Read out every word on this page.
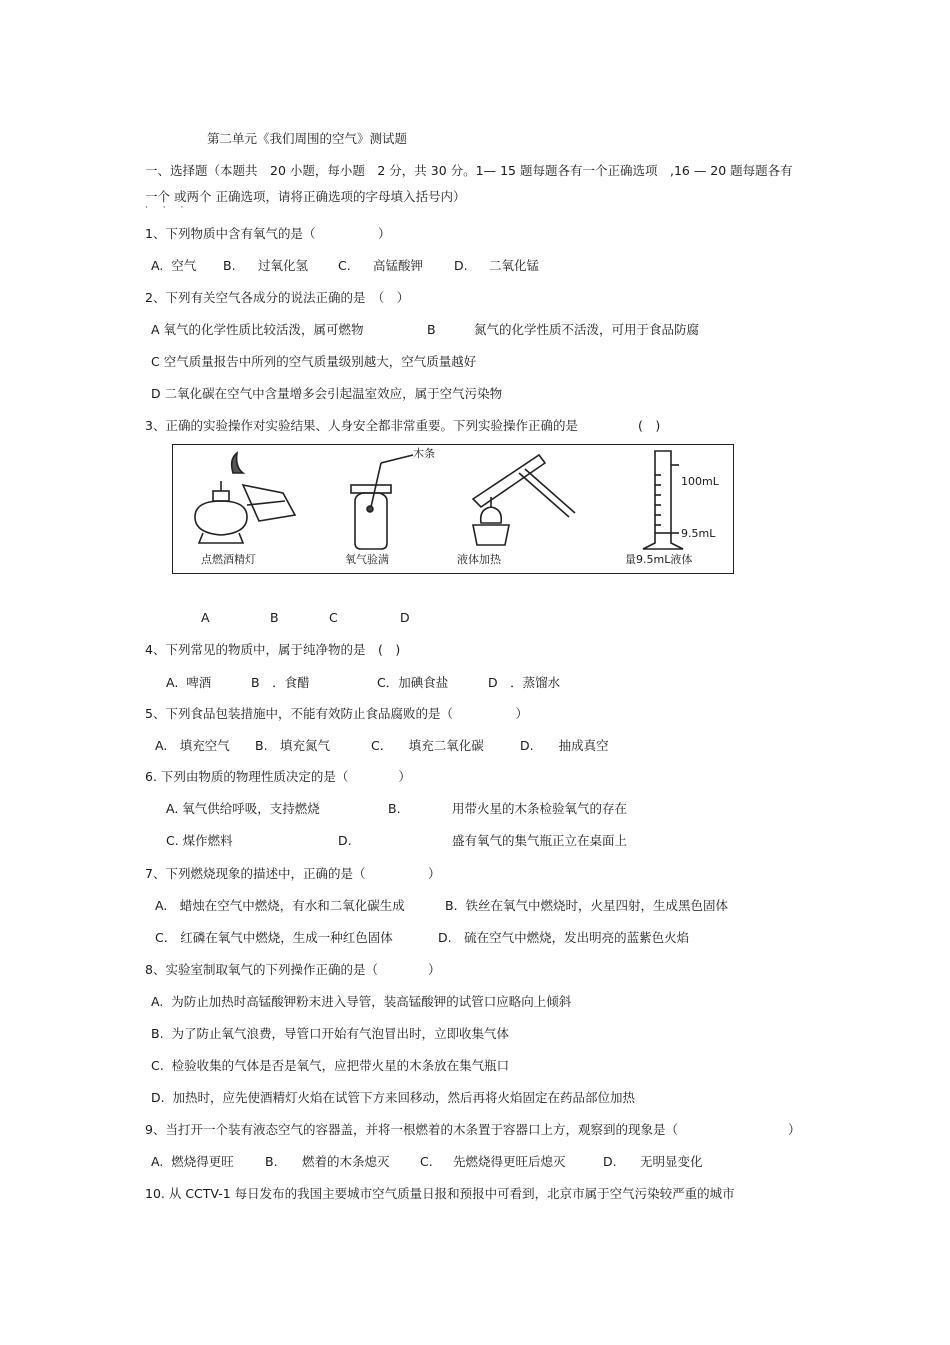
第二单元《我们周围的空气》测试题
一、选择题（本题共　20 小题，每小题　2 分，共 30 分。1— 15 题每题各有一个正确选项　,16 — 20 题每题各有
一个 或两个 正确选项，请将正确选项的字母填入括号内）
· · ·
1、下列物质中含有氧气的是（　　　　　）
A.  空气 B. 过氧化氢 C. 高锰酸钾 D. 二氧化锰
2、下列有关空气各成分的说法正确的是　（　）
A 氧气的化学性质比较活泼，属可燃物	B	氮气的化学性质不活泼，可用于食品防腐
C 空气质量报告中所列的空气质量级别越大，空气质量越好
D 二氧化碳在空气中含量增多会引起温室效应，属于空气污染物
3、正确的实验操作对实验结果、人身安全都非常重要。下列实验操作正确的是	(　)
木条
100mL
9.5mL
点燃酒精灯	氧气验满	液体加热	量9.5mL液体
A	B	C	D
4、下列常见的物质中，属于纯净物的是　(　)
A.  啤酒	B　．食醋	C．加碘食盐	D　．蒸馏水
5、下列食品包装措施中，不能有效防止食品腐败的是（　　　　　）
A.　填充空气 B.　填充氮气	C.　　填充二氧化碳	D.　　抽成真空
6. 下列由物质的物理性质决定的是（　　　　）
A. 氧气供给呼吸，支持燃烧	B.	用带火星的木条检验氧气的存在
C. 煤作燃料	D.	盛有氧气的集气瓶正立在桌面上
7、下列燃烧现象的描述中，正确的是（　　　　　）
A.　蜡烛在空气中燃烧，有水和二氧化碳生成	B.  铁丝在氧气中燃烧时，火星四射，生成黑色固体
C.　红磷在氧气中燃烧，生成一种红色固体	D.　硫在空气中燃烧，发出明亮的蓝紫色火焰
8、实验室制取氧气的下列操作正确的是（　　　　）
A.  为防止加热时高锰酸钾粉末进入导管，装高锰酸钾的试管口应略向上倾斜
B.  为了防止氧气浪费，导管口开始有气泡冒出时，立即收集气体
C.  检验收集的气体是否是氧气，应把带火星的木条放在集气瓶口
D.  加热时，应先使酒精灯火焰在试管下方来回移动，然后再将火焰固定在药品部位加热
9、当打开一个装有液态空气的容器盖，并将一根燃着的木条置于容器口上方，观察到的现象是（	）
A.  燃烧得更旺 B. 燃着的木条熄灭 C. 先燃烧得更旺后熄灭	D. 无明显变化
10. 从 CCTV-1 每日发布的我国主要城市空气质量日报和预报中可看到，北京市属于空气污染较严重的城市
